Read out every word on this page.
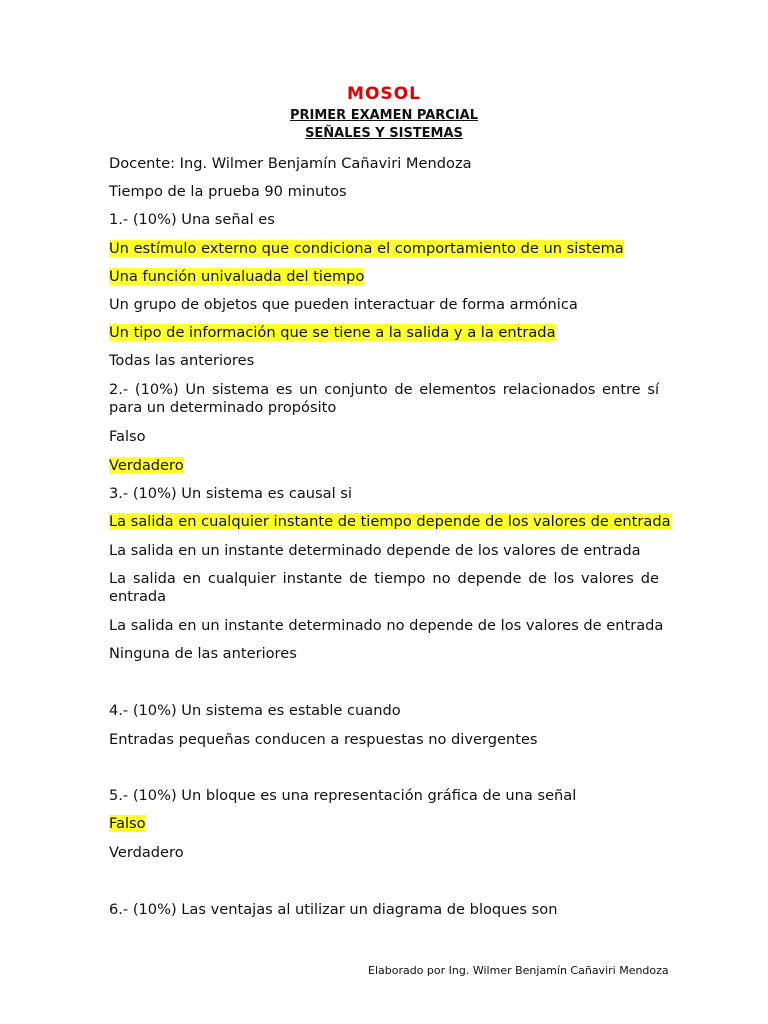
MOSOL
PRIMER EXAMEN PARCIAL
SEÑALES Y SISTEMAS
Docente: Ing. Wilmer Benjamín Cañaviri Mendoza
Tiempo de la prueba 90 minutos
1.- (10%) Una señal es
Un estímulo externo que condiciona el comportamiento de un sistema
Una función univaluada del tiempo
Un grupo de objetos que pueden interactuar de forma armónica
Un tipo de información que se tiene a la salida y a la entrada
Todas las anteriores
2.- (10%) Un sistema es un conjunto de elementos relacionados entre sí para un determinado propósito
Falso
Verdadero
3.- (10%) Un sistema es causal si
La salida en cualquier instante de tiempo depende de los valores de entrada
La salida en un instante determinado depende de los valores de entrada
La salida en cualquier instante de tiempo no depende de los valores de entrada
La salida en un instante determinado no depende de los valores de entrada
Ninguna de las anteriores
4.- (10%) Un sistema es estable cuando
Entradas pequeñas conducen a respuestas no divergentes
5.- (10%) Un bloque es una representación gráfica de una señal
Falso
Verdadero
6.- (10%) Las ventajas al utilizar un diagrama de bloques son
Elaborado por Ing. Wilmer Benjamín Cañaviri Mendoza
